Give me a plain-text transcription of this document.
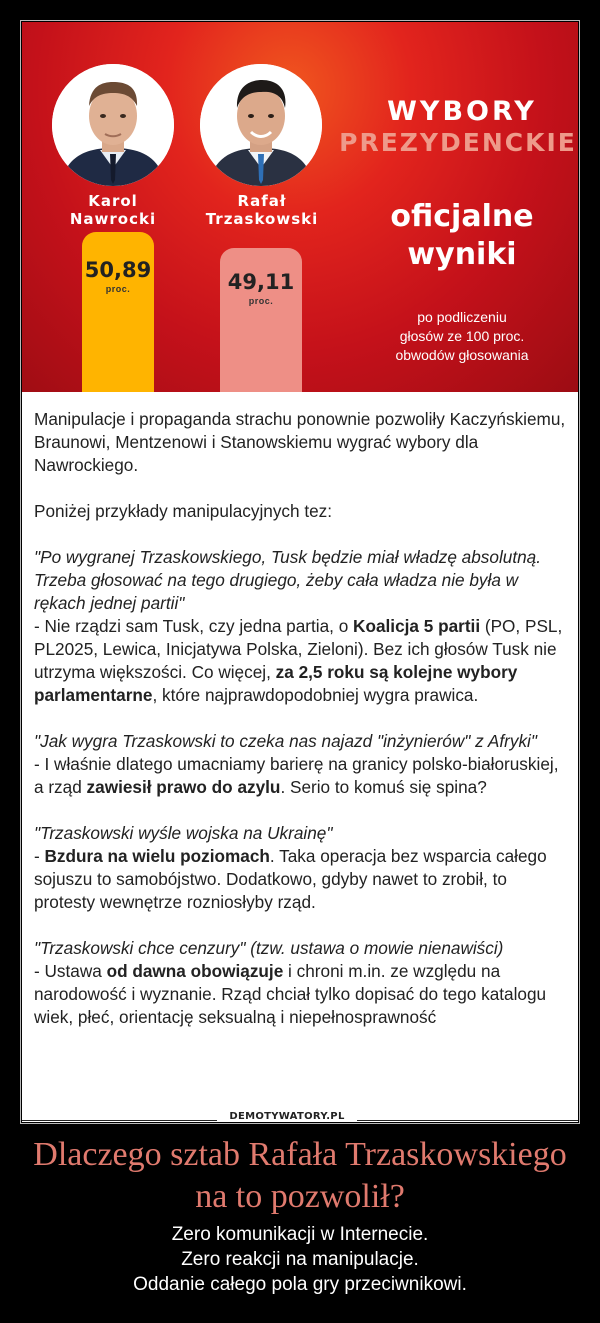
Karol
Nawrocki
50,89
proc.
Rafał
Trzaskowski
49,11
proc.
WYBORY
PREZYDENCKIE
oficjalne
wyniki
po podliczeniu
głosów ze 100 proc.
obwodów głosowania

Manipulacje i propaganda strachu ponownie pozwoliły Kaczyńskiemu, Braunowi, Mentzenowi i Stanowskiemu wygrać wybory dla Nawrockiego.

Poniżej przykłady manipulacyjnych tez:

"Po wygranej Trzaskowskiego, Tusk będzie miał władzę absolutną. Trzeba głosować na tego drugiego, żeby cała władza nie była w rękach jednej partii"

- Nie rządzi sam Tusk, czy jedna partia, o Koalicja 5 partii (PO, PSL, PL2025, Lewica, Inicjatywa Polska, Zieloni). Bez ich głosów Tusk nie utrzyma większości. Co więcej, za 2,5 roku są kolejne wybory parlamentarne, które najprawdopodobniej wygra prawica.

"Jak wygra Trzaskowski to czeka nas najazd "inżynierów" z Afryki"

- I właśnie dlatego umacniamy barierę na granicy polsko-białoruskiej, a rząd zawiesił prawo do azylu. Serio to komuś się spina?

"Trzaskowski wyśle wojska na Ukrainę"

- Bzdura na wielu poziomach. Taka operacja bez wsparcia całego sojuszu to samobójstwo. Dodatkowo, gdyby nawet to zrobił, to protesty wewnętrze rozniosłyby rząd.

"Trzaskowski chce cenzury" (tzw. ustawa o mowie nienawiści)

- Ustawa od dawna obowiązuje i chroni m.in. ze względu na narodowość i wyznanie. Rząd chciał tylko dopisać do tego katalogu wiek, płeć, orientację seksualną i niepełnosprawność

DEMOTYWATORY.PL
Dlaczego sztab Rafała Trzaskowskiego
na to pozwolił?
Zero komunikacji w Internecie.
Zero reakcji na manipulacje.
Oddanie całego pola gry przeciwnikowi.
